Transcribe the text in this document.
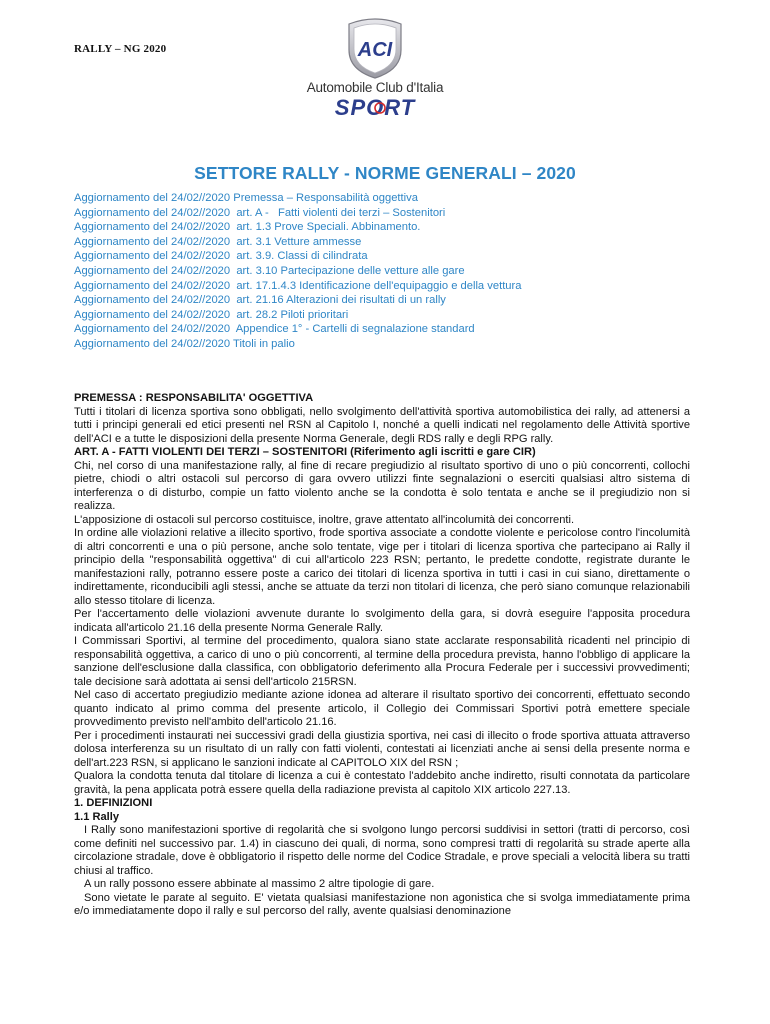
RALLY – NG 2020	ACI
Automobile Club d'Italia
SPORT
SETTORE RALLY - NORME GENERALI – 2020
Aggiornamento del 24/02//2020 Premessa – Responsabilità oggettiva
Aggiornamento del 24/02//2020  art. A -   Fatti violenti dei terzi – Sostenitori
Aggiornamento del 24/02//2020  art. 1.3 Prove Speciali. Abbinamento.
Aggiornamento del 24/02//2020  art. 3.1 Vetture ammesse
Aggiornamento del 24/02//2020  art. 3.9. Classi di cilindrata
Aggiornamento del 24/02//2020  art. 3.10 Partecipazione delle vetture alle gare
Aggiornamento del 24/02//2020  art. 17.1.4.3 Identificazione dell'equipaggio e della vettura
Aggiornamento del 24/02//2020  art. 21.16 Alterazioni dei risultati di un rally
Aggiornamento del 24/02//2020  art. 28.2 Piloti prioritari
Aggiornamento del 24/02//2020  Appendice 1° - Cartelli di segnalazione standard
Aggiornamento del 24/02//2020 Titoli in palio

PREMESSA : RESPONSABILITA' OGGETTIVA

Tutti i titolari di licenza sportiva sono obbligati, nello svolgimento dell'attività sportiva automobilistica dei rally, ad attenersi a tutti i principi generali ed etici presenti nel RSN al Capitolo I, nonché a quelli indicati nel regolamento delle Attività sportive dell'ACI e a tutte le disposizioni della presente Norma Generale, degli RDS rally e degli RPG rally.

ART. A - FATTI VIOLENTI DEI TERZI – SOSTENITORI (Riferimento agli iscritti e gare CIR)

Chi, nel corso di una manifestazione rally, al fine di recare pregiudizio al risultato sportivo di uno o più concorrenti, collochi pietre, chiodi o altri ostacoli sul percorso di gara ovvero utilizzi finte segnalazioni o eserciti qualsiasi altro sistema di interferenza o di disturbo, compie un fatto violento anche se la condotta è solo tentata e anche se il pregiudizio non si realizza.

L'apposizione di ostacoli sul percorso costituisce, inoltre, grave attentato all'incolumità dei concorrenti.

In ordine alle violazioni relative a illecito sportivo, frode sportiva associate a condotte violente e pericolose contro l'incolumità di altri concorrenti e una o più persone, anche solo tentate, vige per i titolari di licenza sportiva che partecipano ai Rally il principio della "responsabilità oggettiva" di cui all'articolo 223 RSN; pertanto, le predette condotte, registrate durante le manifestazioni rally, potranno essere poste a carico dei titolari di licenza sportiva in tutti i casi in cui siano, direttamente o indirettamente, riconducibili agli stessi, anche se attuate da terzi non titolari di licenza, che però siano comunque relazionabili allo stesso titolare di licenza.

Per l'accertamento delle violazioni avvenute durante lo svolgimento della gara, si dovrà eseguire l'apposita procedura indicata all'articolo 21.16 della presente Norma Generale Rally.

I Commissari Sportivi, al termine del procedimento, qualora siano state acclarate responsabilità ricadenti nel principio di responsabilità oggettiva, a carico di uno o più concorrenti, al termine della procedura prevista, hanno l'obbligo di applicare la sanzione dell'esclusione dalla classifica, con obbligatorio deferimento alla Procura Federale per i successivi provvedimenti; tale decisione sarà adottata ai sensi dell'articolo 215RSN.

Nel caso di accertato pregiudizio mediante azione idonea ad alterare il risultato sportivo dei concorrenti, effettuato secondo quanto indicato al primo comma del presente articolo, il Collegio dei Commissari Sportivi potrà emettere speciale provvedimento previsto nell'ambito dell'articolo 21.16.

Per i procedimenti instaurati nei successivi gradi della giustizia sportiva, nei casi di illecito o frode sportiva attuata attraverso dolosa interferenza su un risultato di un rally con fatti violenti, contestati ai licenziati anche ai sensi della presente norma e dell'art.223 RSN, si applicano le sanzioni indicate al CAPITOLO XIX del RSN ;

Qualora la condotta tenuta dal titolare di licenza a cui è contestato l'addebito anche indiretto, risulti connotata da particolare gravità, la pena applicata potrà essere quella della radiazione prevista al capitolo XIX articolo 227.13.

1. DEFINIZIONI

1.1 Rally

I Rally sono manifestazioni sportive di regolarità che si svolgono lungo percorsi suddivisi in settori (tratti di percorso, così come definiti nel successivo par. 1.4) in ciascuno dei quali, di norma, sono compresi tratti di regolarità su strade aperte alla circolazione stradale, dove è obbligatorio il rispetto delle norme del Codice Stradale, e prove speciali a velocità libera su tratti chiusi al traffico.

A un rally possono essere abbinate al massimo 2 altre tipologie di gare.

Sono vietate le parate al seguito. E' vietata qualsiasi manifestazione non agonistica che si svolga immediatamente prima e/o immediatamente dopo il rally e sul percorso del rally, avente qualsiasi denominazione
